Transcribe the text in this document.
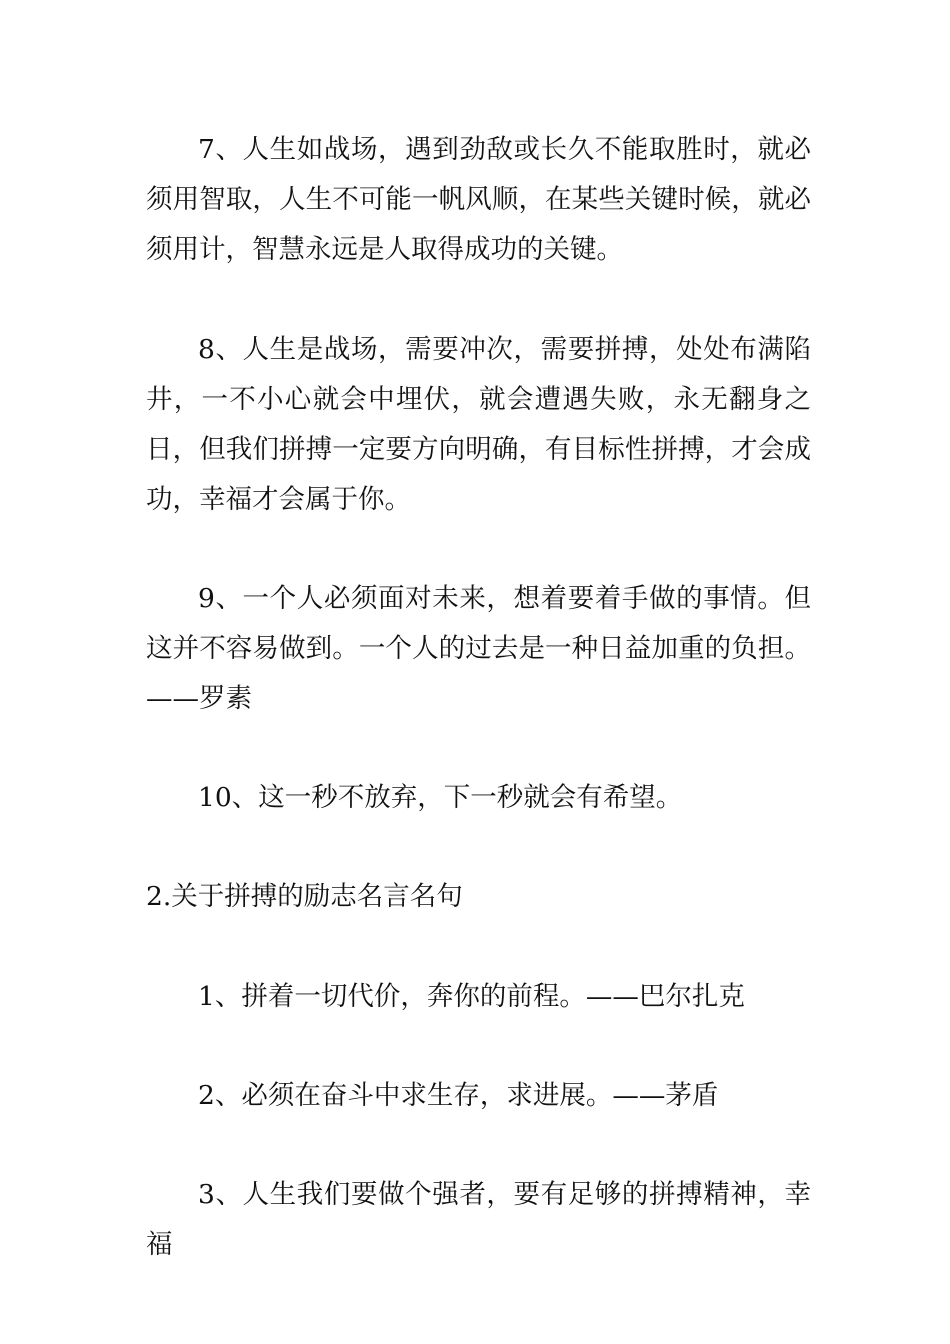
7、人生如战场，遇到劲敌或长久不能取胜时，就必须用智取，人生不可能一帆风顺，在某些关键时候，就必须用计，智慧永远是人取得成功的关键。

8、人生是战场，需要冲次，需要拼搏，处处布满陷井，一不小心就会中埋伏，就会遭遇失败，永无翻身之日，但我们拼搏一定要方向明确，有目标性拼搏，才会成功，幸福才会属于你。

9、一个人必须面对未来，想着要着手做的事情。但这并不容易做到。一个人的过去是一种日益加重的负担。——罗素

10、这一秒不放弃，下一秒就会有希望。

2.关于拼搏的励志名言名句

1、拼着一切代价，奔你的前程。——巴尔扎克

2、必须在奋斗中求生存，求进展。——茅盾

3、人生我们要做个强者，要有足够的拼搏精神，幸福
